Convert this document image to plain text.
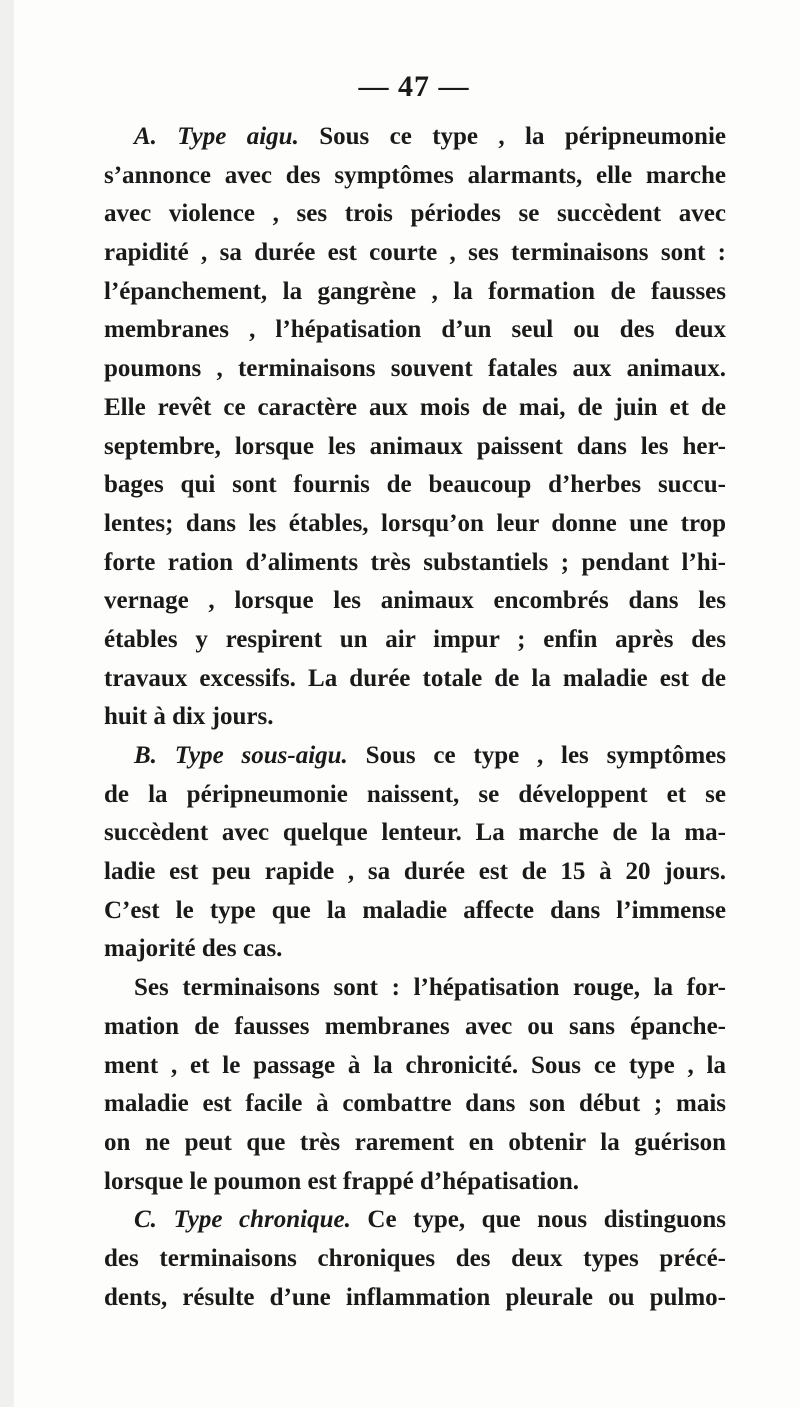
— 47 —
A. Type aigu. Sous ce type , la péripneumonie
s’annonce avec des symptômes alarmants, elle marche
avec violence , ses trois périodes se succèdent avec
rapidité , sa durée est courte , ses terminaisons sont :
l’épanchement, la gangrène , la formation de fausses
membranes , l’hépatisation d’un seul ou des deux
poumons , terminaisons souvent fatales aux animaux.
Elle revêt ce caractère aux mois de mai, de juin et de
septembre, lorsque les animaux paissent dans les her-
bages qui sont fournis de beaucoup d’herbes succu-
lentes; dans les étables, lorsqu’on leur donne une trop
forte ration d’aliments très substantiels ; pendant l’hi-
vernage , lorsque les animaux encombrés dans les
étables y respirent un air impur ; enfin après des
travaux excessifs. La durée totale de la maladie est de
huit à dix jours.
B. Type sous-aigu. Sous ce type , les symptômes
de la péripneumonie naissent, se développent et se
succèdent avec quelque lenteur. La marche de la ma-
ladie est peu rapide , sa durée est de 15 à 20 jours.
C’est le type que la maladie affecte dans l’immense
majorité des cas.
Ses terminaisons sont : l’hépatisation rouge, la for-
mation de fausses membranes avec ou sans épanche-
ment , et le passage à la chronicité. Sous ce type , la
maladie est facile à combattre dans son début ; mais
on ne peut que très rarement en obtenir la guérison
lorsque le poumon est frappé d’hépatisation.
C. Type chronique. Ce type, que nous distinguons
des terminaisons chroniques des deux types précé-
dents, résulte d’une inflammation pleurale ou pulmo-
